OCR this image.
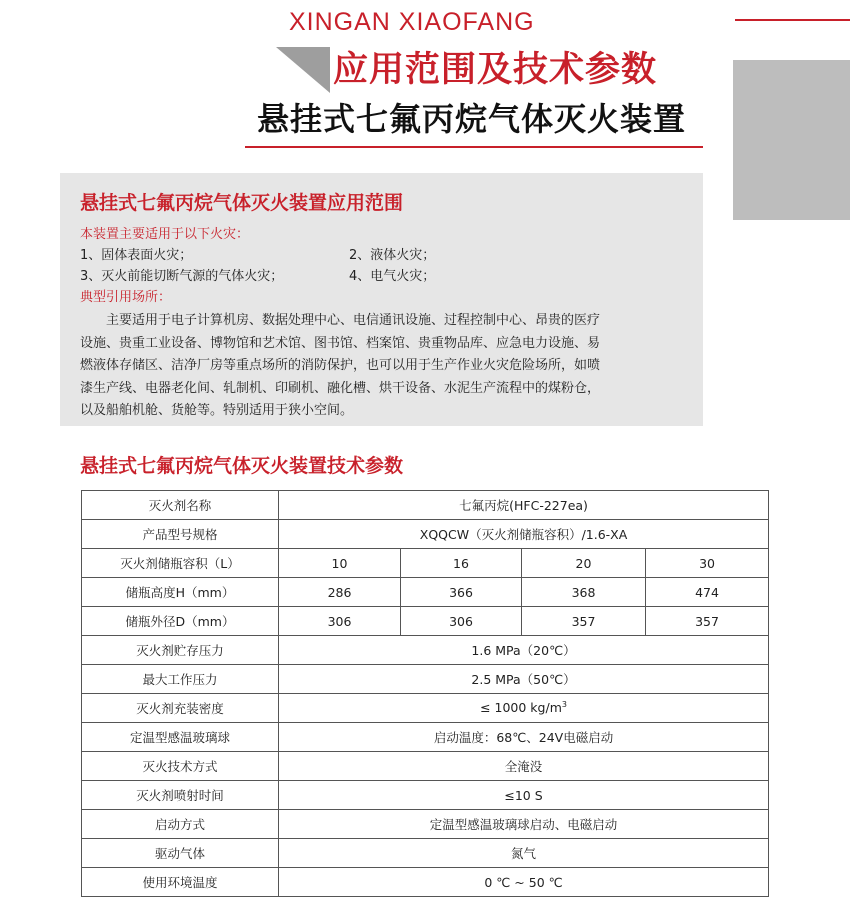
XINGAN XIAOFANG
应用范围及技术参数
悬挂式七氟丙烷气体灭火装置
悬挂式七氟丙烷气体灭火装置应用范围
本装置主要适用于以下火灾：
1、固体表面火灾；	2、液体火灾；
3、灭火前能切断气源的气体火灾；	4、电气火灾；
典型引用场所：
　　主要适用于电子计算机房、数据处理中心、电信通讯设施、过程控制中心、昂贵的医疗
设施、贵重工业设备、博物馆和艺术馆、图书馆、档案馆、贵重物品库、应急电力设施、易
燃液体存储区、洁净厂房等重点场所的消防保护，也可以用于生产作业火灾危险场所，如喷
漆生产线、电器老化间、轧制机、印刷机、融化槽、烘干设备、水泥生产流程中的煤粉仓，
以及船舶机舱、货舱等。特别适用于狭小空间。
悬挂式七氟丙烷气体灭火装置技术参数
灭火剂名称	七氟丙烷(HFC-227ea)			
产品型号规格	XQQCW（灭火剂储瓶容积）/1.6-XA			
灭火剂储瓶容积（L）	10	16	20	30
储瓶高度H（mm）	286	366	368	474
储瓶外径D（mm）	306	306	357	357
灭火剂贮存压力	1.6 MPa（20℃）			
最大工作压力	2.5 MPa（50℃）			
灭火剂充装密度	≤ 1000 $kg/m^3$
定温型感温玻璃球	启动温度：68℃、24V电磁启动			
灭火技术方式	全淹没			
灭火剂喷射时间	≤10 S			
启动方式	定温型感温玻璃球启动、电磁启动			
驱动气体	氮气			
使用环境温度	0 ℃ ~ 50 ℃			
